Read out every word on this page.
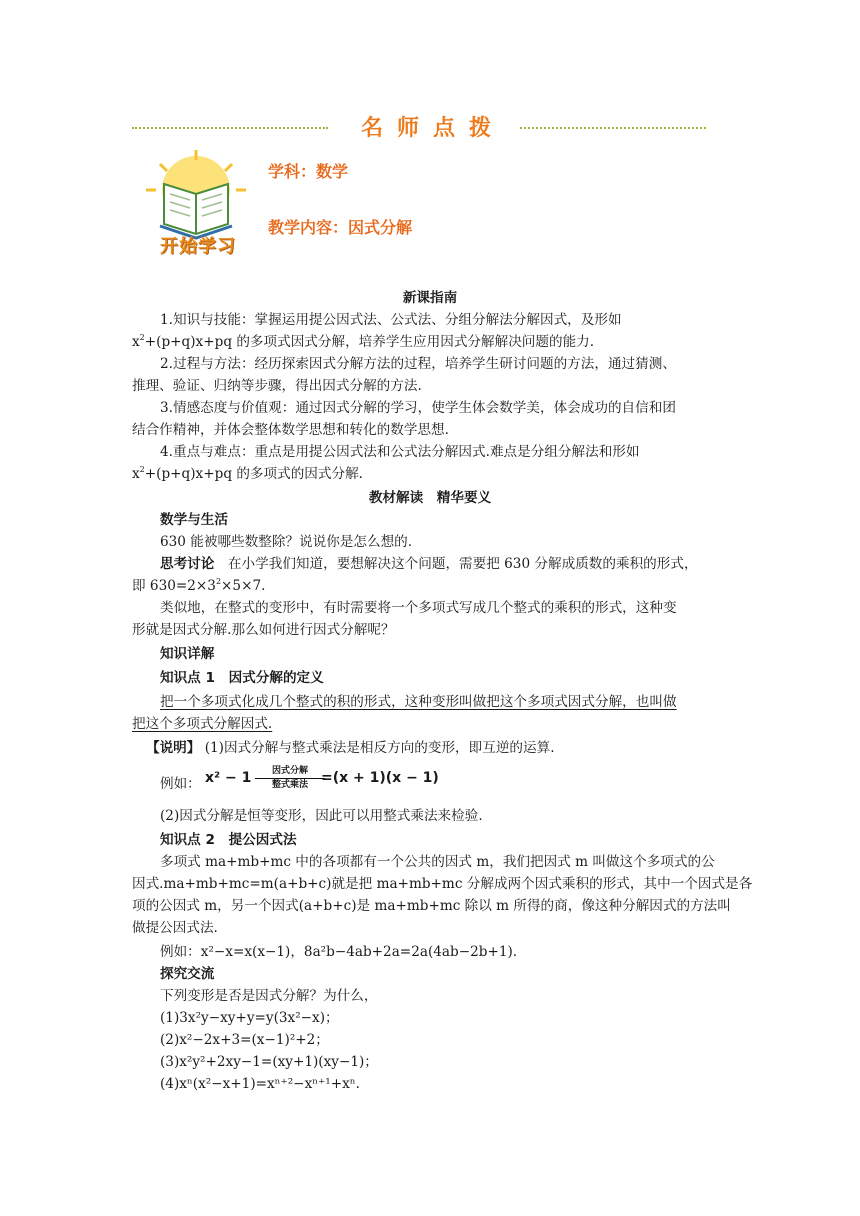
名师点拨
开始学习
学科：数学
教学内容：因式分解
新课指南
1.知识与技能：掌握运用提公因式法、公式法、分组分解法分解因式，及形如
$x^2+(p+q)x+pq$ 的多项式因式分解，培养学生应用因式分解解决问题的能力.
2.过程与方法：经历探索因式分解方法的过程，培养学生研讨问题的方法，通过猜测、
推理、验证、归纳等步骤，得出因式分解的方法.
3.情感态度与价值观：通过因式分解的学习，使学生体会数学美，体会成功的自信和团
结合作精神，并体会整体数学思想和转化的数学思想.
4.重点与难点：重点是用提公因式法和公式法分解因式.难点是分组分解法和形如
$x^2+(p+q)x+pq$ 的多项式的因式分解.
教材解读　精华要义
数学与生活
630 能被哪些数整除？说说你是怎么想的.
思考讨论　 在小学我们知道，要想解决这个问题，需要把 630 分解成质数的乘积的形式，
即 $630=2\times 3^2\times 5\times 7$.
类似地，在整式的变形中，有时需要将一个多项式写成几个整式的乘积的形式，这种变
形就是因式分解.那么如何进行因式分解呢？
知识详解
知识点 1　因式分解的定义
把一个多项式化成几个整式的积的形式，这种变形叫做把这个多项式因式分解，也叫做
把这个多项式分解因式.
【说明】 (1)因式分解与整式乘法是相反方向的变形，即互逆的运算.
例如： x² − 1	因式分解
整式乘法 =(x + 1)(x − 1)
(2)因式分解是恒等变形，因此可以用整式乘法来检验.
知识点 2　提公因式法
多项式 ma+mb+mc 中的各项都有一个公共的因式 m，我们把因式 m 叫做这个多项式的公
因式.ma+mb+mc=m(a+b+c)就是把 ma+mb+mc 分解成两个因式乘积的形式，其中一个因式是各
项的公因式 m，另一个因式(a+b+c)是 ma+mb+mc 除以 m 所得的商，像这种分解因式的方法叫
做提公因式法.
例如：x²−x=x(x−1)，8a²b−4ab+2a=2a(4ab−2b+1).
探究交流
下列变形是否是因式分解？为什么，
(1)3x²y−xy+y=y(3x²−x)；
(2)x²−2x+3=(x−1)²+2；
(3)x²y²+2xy−1=(xy+1)(xy−1)；
(4)xⁿ(x²−x+1)=xⁿ⁺²−xⁿ⁺¹+xⁿ.
